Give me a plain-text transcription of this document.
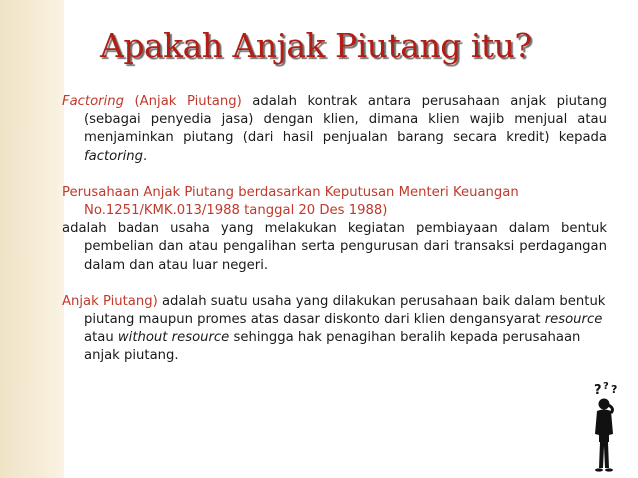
Apakah Anjak Piutang itu?

Factoring (Anjak Piutang) adalah kontrak antara perusahaan anjak piutang (sebagai penyedia jasa) dengan klien, dimana klien wajib menjual atau menjaminkan piutang (dari hasil penjualan barang secara kredit) kepada factoring.

Perusahaan Anjak Piutang berdasarkan Keputusan Menteri Keuangan No.1251/KMK.013/1988 tanggal 20 Des 1988)

adalah badan usaha yang melakukan kegiatan pembiayaan dalam bentuk pembelian dan atau pengalihan serta pengurusan dari transaksi perdagangan dalam dan atau luar negeri.

Anjak Piutang) adalah suatu usaha yang dilakukan perusahaan baik dalam bentuk piutang maupun promes atas dasar diskonto dari klien dengansyarat resource atau without resource sehingga hak penagihan beralih kepada perusahaan anjak piutang.

? ? ?
